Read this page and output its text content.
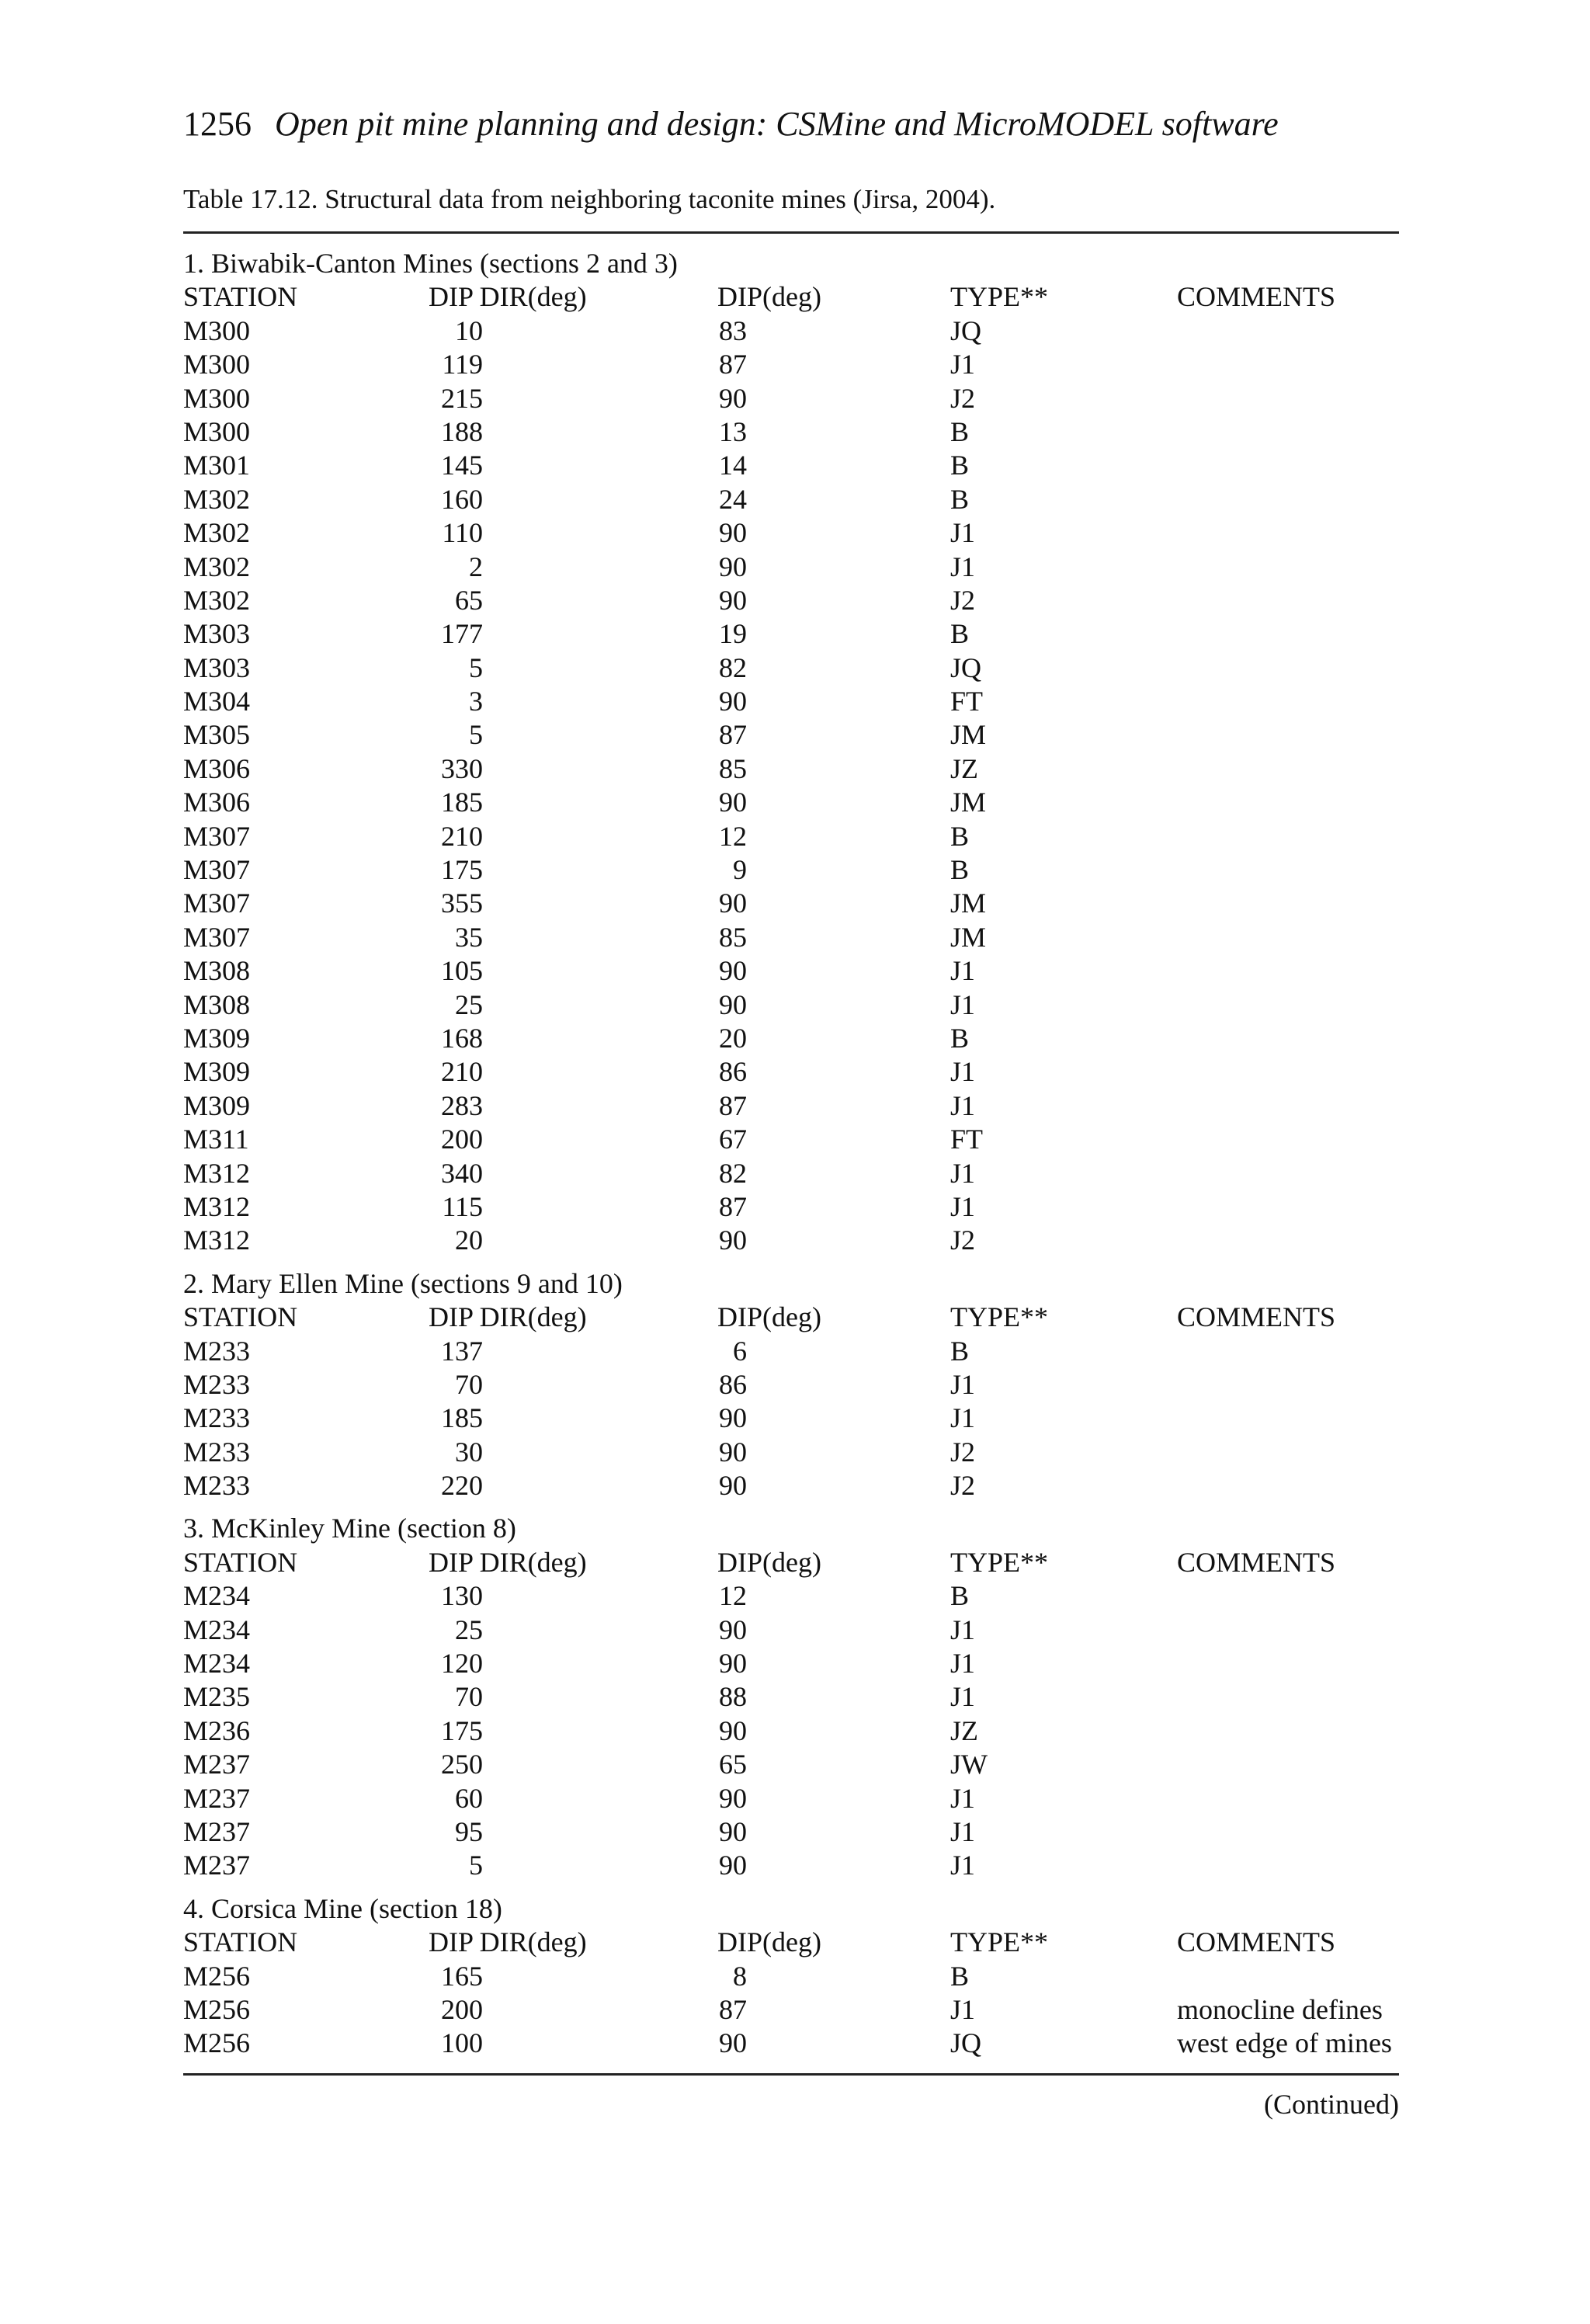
1256 Open pit mine planning and design: CSMine and MicroMODEL software
Table 17.12. Structural data from neighboring taconite mines (Jirsa, 2004).
1. Biwabik-Canton Mines (sections 2 and 3)
STATION	DIP DIR(deg)	DIP(deg)	TYPE**	COMMENTS
M300	10	83	JQ
M300	119	87	J1
M300	215	90	J2
M300	188	13	B
M301	145	14	B
M302	160	24	B
M302	110	90	J1
M302	2	90	J1
M302	65	90	J2
M303	177	19	B
M303	5	82	JQ
M304	3	90	FT
M305	5	87	JM
M306	330	85	JZ
M306	185	90	JM
M307	210	12	B
M307	175	9	B
M307	355	90	JM
M307	35	85	JM
M308	105	90	J1
M308	25	90	J1
M309	168	20	B
M309	210	86	J1
M309	283	87	J1
M311	200	67	FT
M312	340	82	J1
M312	115	87	J1
M312	20	90	J2
2. Mary Ellen Mine (sections 9 and 10)
STATION	DIP DIR(deg)	DIP(deg)	TYPE**	COMMENTS
M233	137	6	B
M233	70	86	J1
M233	185	90	J1
M233	30	90	J2
M233	220	90	J2
3. McKinley Mine (section 8)
STATION	DIP DIR(deg)	DIP(deg)	TYPE**	COMMENTS
M234	130	12	B
M234	25	90	J1
M234	120	90	J1
M235	70	88	J1
M236	175	90	JZ
M237	250	65	JW
M237	60	90	J1
M237	95	90	J1
M237	5	90	J1
4. Corsica Mine (section 18)
STATION	DIP DIR(deg)	DIP(deg)	TYPE**	COMMENTS
M256	165	8	B
M256	200	87	J1	monocline defines
M256	100	90	JQ	west edge of mines
(Continued)
